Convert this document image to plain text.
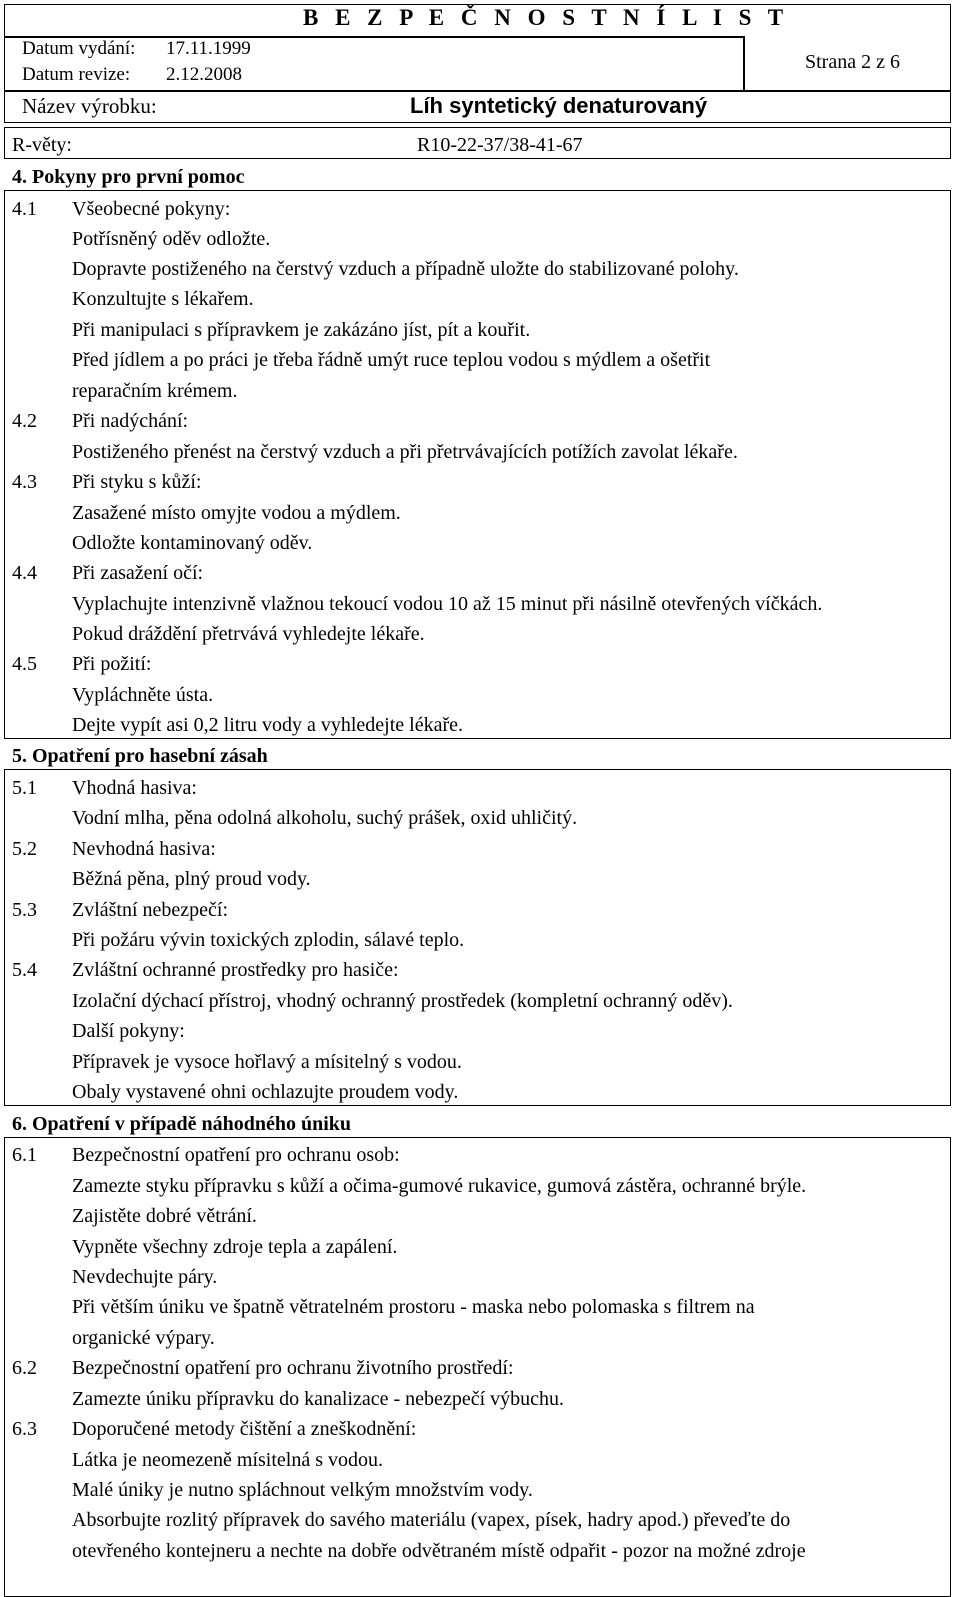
B E Z P E Č N O S T N Í L I S T
Datum vydání: 17.11.1999
Datum revize: 2.12.2008
Strana 2 z 6
Název výrobku:	Líh syntetický denaturovaný
R-věty:	R10-22-37/38-41-67
4. Pokyny pro první pomoc
4.1 Všeobecné pokyny:
Potřísněný oděv odložte.
Dopravte postiženého na čerstvý vzduch a případně uložte do stabilizované polohy.
Konzultujte s lékařem.
Při manipulaci s přípravkem je zakázáno jíst, pít a kouřit.
Před jídlem a po práci je třeba řádně umýt ruce teplou vodou s mýdlem a ošetřit
reparačním krémem.
4.2 Při nadýchání:
Postiženého přenést na čerstvý vzduch a při přetrvávajících potížích zavolat lékaře.
4.3 Při styku s kůží:
Zasažené místo omyjte vodou a mýdlem.
Odložte kontaminovaný oděv.
4.4 Při zasažení očí:
Vyplachujte intenzivně vlažnou tekoucí vodou 10 až 15 minut při násilně otevřených víčkách.
Pokud dráždění přetrvává vyhledejte lékaře.
4.5 Při požití:
Vypláchněte ústa.
Dejte vypít asi 0,2 litru vody a vyhledejte lékaře.
5. Opatření pro hasební zásah
5.1 Vhodná hasiva:
Vodní mlha, pěna odolná alkoholu, suchý prášek, oxid uhličitý.
5.2 Nevhodná hasiva:
Běžná pěna, plný proud vody.
5.3 Zvláštní nebezpečí:
Při požáru vývin toxických zplodin, sálavé teplo.
5.4 Zvláštní ochranné prostředky pro hasiče:
Izolační dýchací přístroj, vhodný ochranný prostředek (kompletní ochranný oděv).
Další pokyny:
Přípravek je vysoce hořlavý a mísitelný s vodou.
Obaly vystavené ohni ochlazujte proudem vody.
6. Opatření v případě náhodného úniku
6.1 Bezpečnostní opatření pro ochranu osob:
Zamezte styku přípravku s kůží a očima-gumové rukavice, gumová zástěra, ochranné brýle.
Zajistěte dobré větrání.
Vypněte všechny zdroje tepla a zapálení.
Nevdechujte páry.
Při větším úniku ve špatně větratelném prostoru - maska nebo polomaska s filtrem na
organické výpary.
6.2 Bezpečnostní opatření pro ochranu životního prostředí:
Zamezte úniku přípravku do kanalizace - nebezpečí výbuchu.
6.3 Doporučené metody čištění a zneškodnění:
Látka je neomezeně mísitelná s vodou.
Malé úniky je nutno spláchnout velkým množstvím vody.
Absorbujte rozlitý přípravek do savého materiálu (vapex, písek, hadry apod.) převeďte do
otevřeného kontejneru a nechte na dobře odvětraném místě odpařit - pozor na možné zdroje
